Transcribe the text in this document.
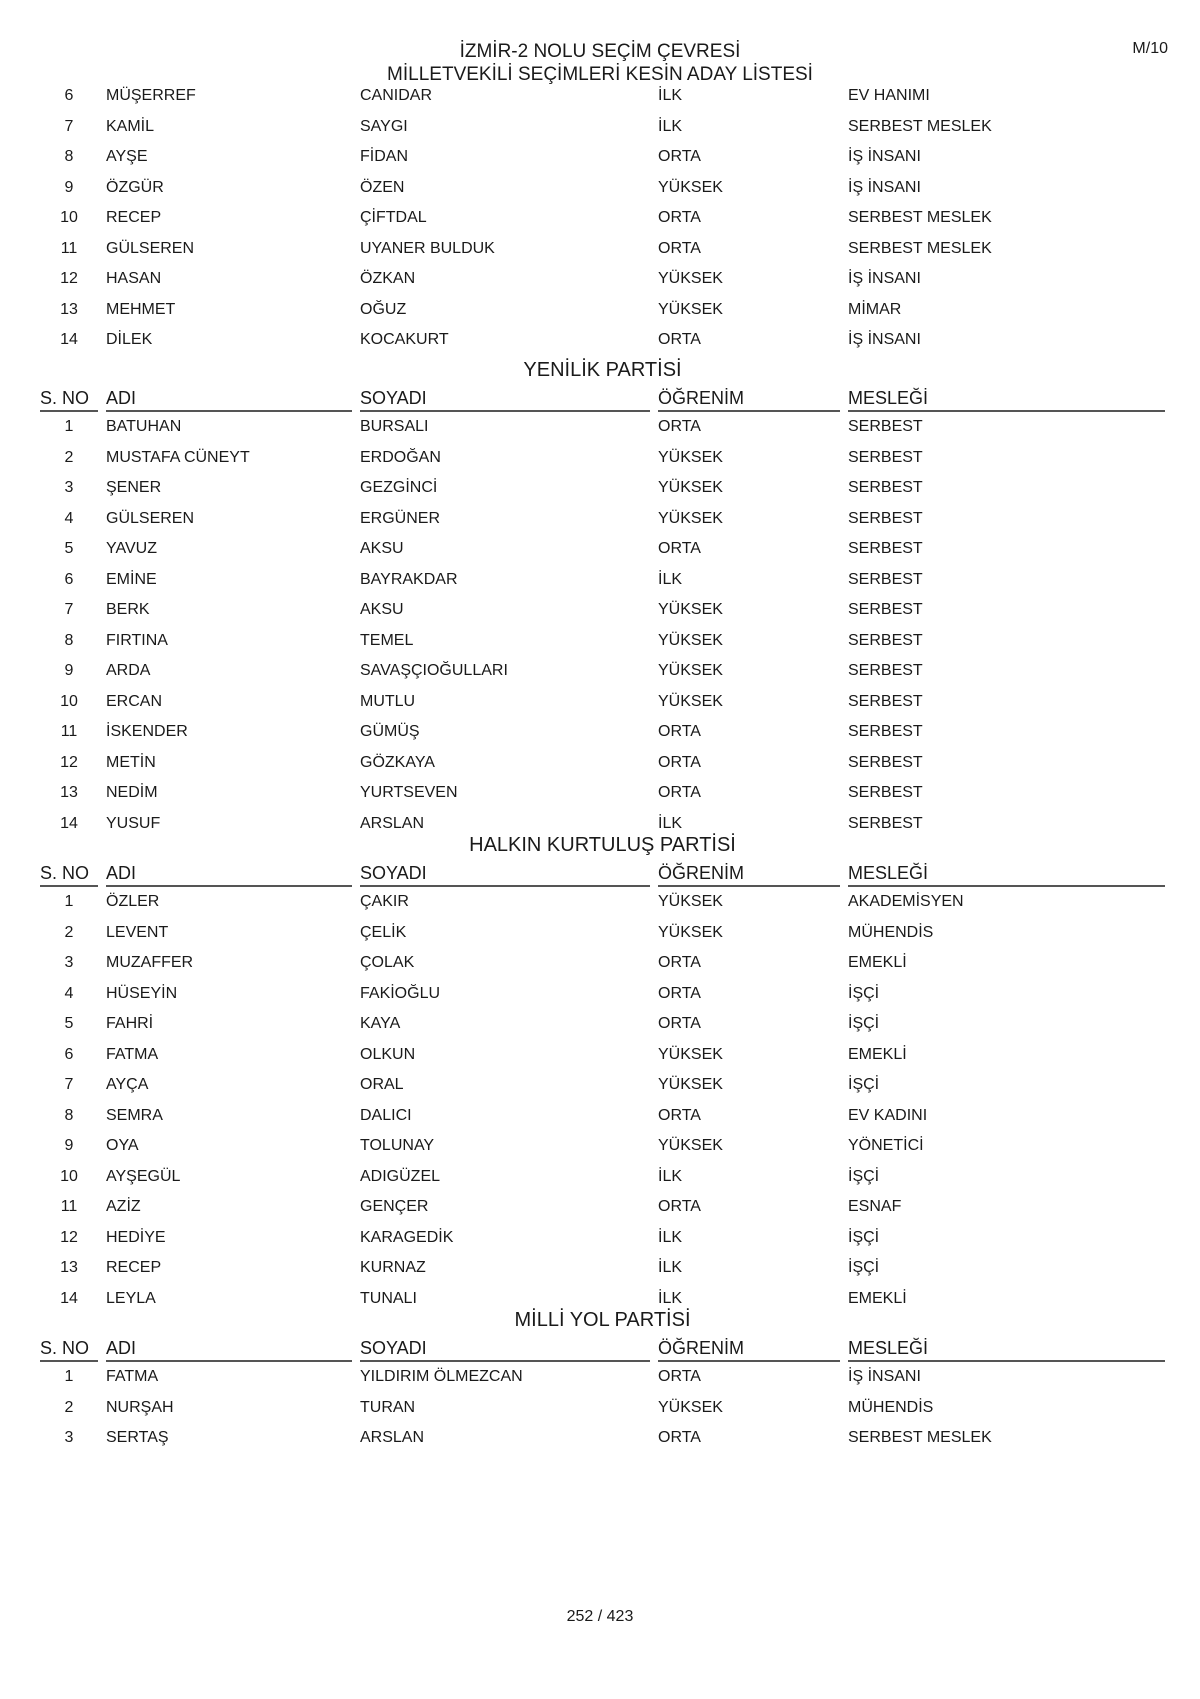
M/10
İZMİR-2 NOLU SEÇİM ÇEVRESİ
MİLLETVEKİLİ SEÇİMLERİ KESİN ADAY LİSTESİ
6	MÜŞERREF	CANIDAR	İLK	EV HANIMI
7	KAMİL	SAYGI	İLK	SERBEST MESLEK
8	AYŞE	FİDAN	ORTA	İŞ İNSANI
9	ÖZGÜR	ÖZEN	YÜKSEK	İŞ İNSANI
10	RECEP	ÇİFTDAL	ORTA	SERBEST MESLEK
11	GÜLSEREN	UYANER BULDUK	ORTA	SERBEST MESLEK
12	HASAN	ÖZKAN	YÜKSEK	İŞ İNSANI
13	MEHMET	OĞUZ	YÜKSEK	MİMAR
14	DİLEK	KOCAKURT	ORTA	İŞ İNSANI
YENİLİK PARTİSİ
S. NO ADI	SOYADI	ÖĞRENİM	MESLEĞİ
1	BATUHAN	BURSALI	ORTA	SERBEST
2	MUSTAFA CÜNEYT	ERDOĞAN	YÜKSEK	SERBEST
3	ŞENER	GEZGİNCİ	YÜKSEK	SERBEST
4	GÜLSEREN	ERGÜNER	YÜKSEK	SERBEST
5	YAVUZ	AKSU	ORTA	SERBEST
6	EMİNE	BAYRAKDAR	İLK	SERBEST
7	BERK	AKSU	YÜKSEK	SERBEST
8	FIRTINA	TEMEL	YÜKSEK	SERBEST
9	ARDA	SAVAŞÇIOĞULLARI	YÜKSEK	SERBEST
10	ERCAN	MUTLU	YÜKSEK	SERBEST
11	İSKENDER	GÜMÜŞ	ORTA	SERBEST
12	METİN	GÖZKAYA	ORTA	SERBEST
13	NEDİM	YURTSEVEN	ORTA	SERBEST
14	YUSUF	ARSLAN	İLK	SERBEST
HALKIN KURTULUŞ PARTİSİ
S. NO ADI	SOYADI	ÖĞRENİM	MESLEĞİ
1	ÖZLER	ÇAKIR	YÜKSEK	AKADEMİSYEN
2	LEVENT	ÇELİK	YÜKSEK	MÜHENDİS
3	MUZAFFER	ÇOLAK	ORTA	EMEKLİ
4	HÜSEYİN	FAKİOĞLU	ORTA	İŞÇİ
5	FAHRİ	KAYA	ORTA	İŞÇİ
6	FATMA	OLKUN	YÜKSEK	EMEKLİ
7	AYÇA	ORAL	YÜKSEK	İŞÇİ
8	SEMRA	DALICI	ORTA	EV KADINI
9	OYA	TOLUNAY	YÜKSEK	YÖNETİCİ
10	AYŞEGÜL	ADIGÜZEL	İLK	İŞÇİ
11	AZİZ	GENÇER	ORTA	ESNAF
12	HEDİYE	KARAGEDİK	İLK	İŞÇİ
13	RECEP	KURNAZ	İLK	İŞÇİ
14	LEYLA	TUNALI	İLK	EMEKLİ
MİLLİ YOL PARTİSİ
S. NO ADI	SOYADI	ÖĞRENİM	MESLEĞİ
1	FATMA	YILDIRIM ÖLMEZCAN	ORTA	İŞ İNSANI
2	NURŞAH	TURAN	YÜKSEK	MÜHENDİS
3	SERTAŞ	ARSLAN	ORTA	SERBEST MESLEK
252 / 423
